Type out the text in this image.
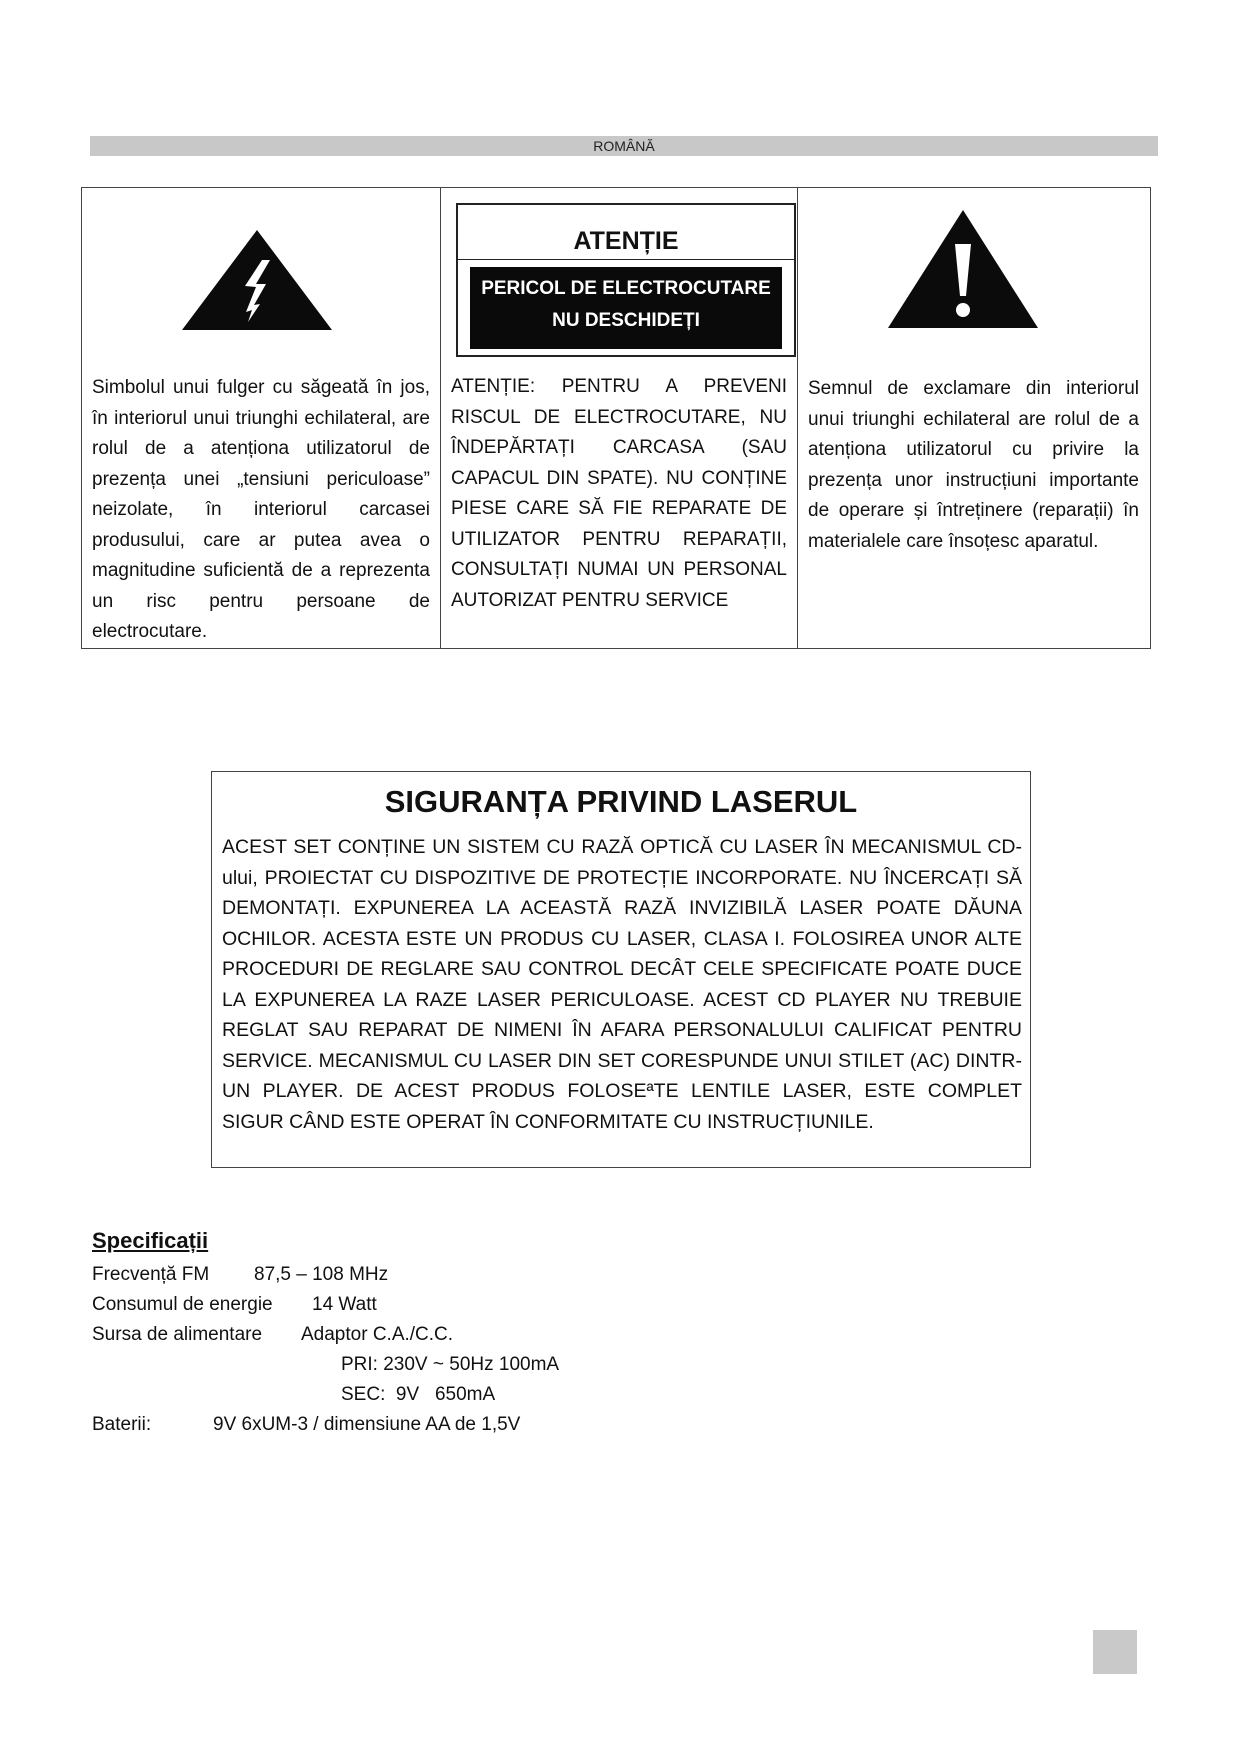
ROMÂNĂ

Simbolul unui fulger cu săgeată în jos, în interiorul unui triunghi echilateral, are rolul de a atenționa utilizatorul de prezența unei „tensiuni periculoase” neizolate, în interiorul carcasei produsului, care ar putea avea o magnitudine suficientă de a reprezenta un risc pentru persoane de electrocutare.

ATENȚIE
PERICOL DE ELECTROCUTARE
NU DESCHIDEȚI

ATENȚIE: PENTRU A PREVENI RISCUL DE ELECTROCUTARE, NU ÎNDEPĂRTAȚI CARCASA (SAU CAPACUL DIN SPATE). NU CONȚINE PIESE CARE SĂ FIE REPARATE DE UTILIZATOR PENTRU REPARAȚII, CONSULTAȚI NUMAI UN PERSONAL AUTORIZAT PENTRU SERVICE

Semnul de exclamare din interiorul unui triunghi echilateral are rolul de a atenționa utilizatorul cu privire la prezența unor instrucțiuni importante de operare și întreținere (reparații) în materialele care însoțesc aparatul.

SIGURANȚA PRIVIND LASERUL

ACEST SET CONȚINE UN SISTEM CU RAZĂ OPTICĂ CU LASER ÎN MECANISMUL CD-ului, PROIECTAT CU DISPOZITIVE DE PROTECȚIE INCORPORATE. NU ÎNCERCAȚI SĂ DEMONTAȚI. EXPUNEREA LA ACEASTĂ RAZĂ INVIZIBILĂ LASER POATE DĂUNA OCHILOR. ACESTA ESTE UN PRODUS CU LASER, CLASA I. FOLOSIREA UNOR ALTE PROCEDURI DE REGLARE SAU CONTROL DECÂT CELE SPECIFICATE POATE DUCE LA EXPUNEREA LA RAZE LASER PERICULOASE. ACEST CD PLAYER NU TREBUIE REGLAT SAU REPARAT DE NIMENI ÎN AFARA PERSONALULUI CALIFICAT PENTRU SERVICE. MECANISMUL CU LASER DIN SET CORESPUNDE UNUI STILET (AC) DINTR-UN PLAYER. DE ACEST PRODUS FOLOSEªTE LENTILE LASER, ESTE COMPLET SIGUR CÂND ESTE OPERAT ÎN CONFORMITATE CU INSTRUCȚIUNILE.

Specificații
Frecvență FM 87,5 – 108 MHz
Consumul de energie 14 Watt
Sursa de alimentare Adaptor C.A./C.C.
PRI: 230V ~ 50Hz 100mA
SEC:  9V   650mA
Baterii:	9V 6xUM-3 / dimensiune AA de 1,5V
